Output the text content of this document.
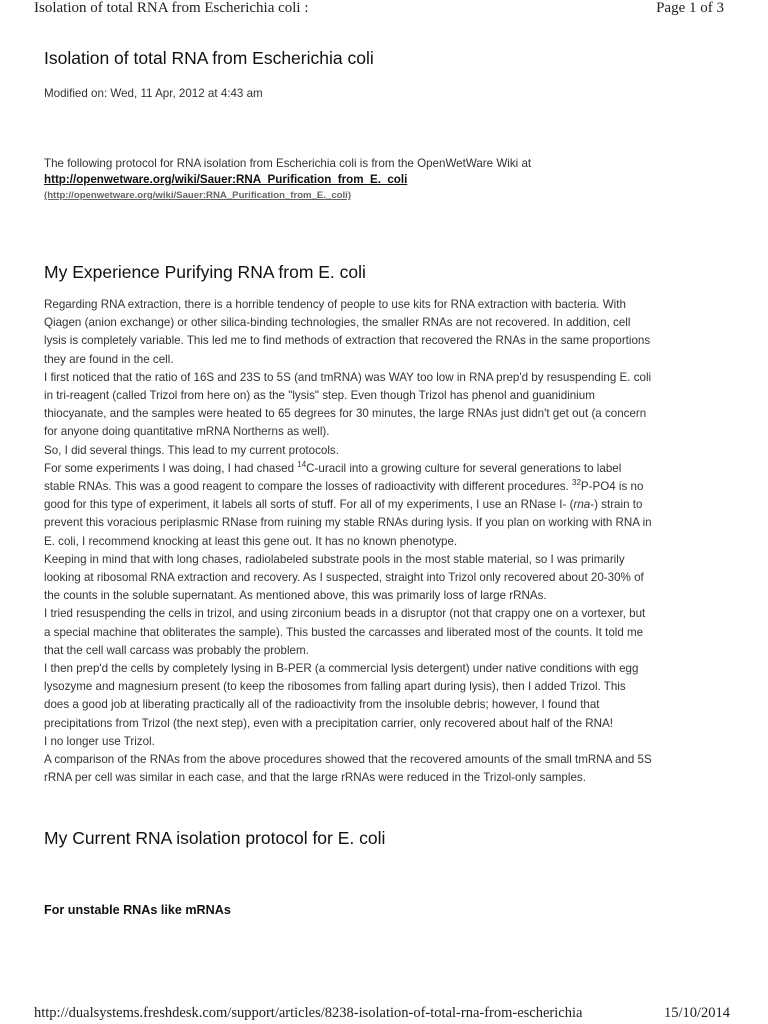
Isolation of total RNA from Escherichia coli :	Page 1 of 3
Isolation of total RNA from Escherichia coli
Modified on: Wed, 11 Apr, 2012 at 4:43 am
The following protocol for RNA isolation from Escherichia coli is from the OpenWetWare Wiki at
http://openwetware.org/wiki/Sauer:RNA_Purification_from_E._coli
(http://openwetware.org/wiki/Sauer:RNA_Purification_from_E._coli)
My Experience Purifying RNA from E. coli

Regarding RNA extraction, there is a horrible tendency of people to use kits for RNA extraction with bacteria. With

Qiagen (anion exchange) or other silica-binding technologies, the smaller RNAs are not recovered. In addition, cell

lysis is completely variable. This led me to find methods of extraction that recovered the RNAs in the same proportions

they are found in the cell.

I first noticed that the ratio of 16S and 23S to 5S (and tmRNA) was WAY too low in RNA prep'd by resuspending E. coli

in tri-reagent (called Trizol from here on) as the "lysis" step. Even though Trizol has phenol and guanidinium

thiocyanate, and the samples were heated to 65 degrees for 30 minutes, the large RNAs just didn't get out (a concern

for anyone doing quantitative mRNA Northerns as well).

So, I did several things. This lead to my current protocols.

For some experiments I was doing, I had chased $^{14}$C-uracil into a growing culture for several generations to label

stable RNAs. This was a good reagent to compare the losses of radioactivity with different procedures. $^{32}$P-PO4 is no

good for this type of experiment, it labels all sorts of stuff. For all of my experiments, I use an RNase I- (rna-) strain to

prevent this voracious periplasmic RNase from ruining my stable RNAs during lysis. If you plan on working with RNA in

E. coli, I recommend knocking at least this gene out. It has no known phenotype.

Keeping in mind that with long chases, radiolabeled substrate pools in the most stable material, so I was primarily

looking at ribosomal RNA extraction and recovery. As I suspected, straight into Trizol only recovered about 20-30% of

the counts in the soluble supernatant. As mentioned above, this was primarily loss of large rRNAs.

I tried resuspending the cells in trizol, and using zirconium beads in a disruptor (not that crappy one on a vortexer, but

a special machine that obliterates the sample). This busted the carcasses and liberated most of the counts. It told me

that the cell wall carcass was probably the problem.

I then prep'd the cells by completely lysing in B-PER (a commercial lysis detergent) under native conditions with egg

lysozyme and magnesium present (to keep the ribosomes from falling apart during lysis), then I added Trizol. This

does a good job at liberating practically all of the radioactivity from the insoluble debris; however, I found that

precipitations from Trizol (the next step), even with a precipitation carrier, only recovered about half of the RNA!

I no longer use Trizol.

A comparison of the RNAs from the above procedures showed that the recovered amounts of the small tmRNA and 5S

rRNA per cell was similar in each case, and that the large rRNAs were reduced in the Trizol-only samples.

My Current RNA isolation protocol for E. coli
For unstable RNAs like mRNAs
http://dualsystems.freshdesk.com/support/articles/8238-isolation-of-total-rna-from-escherichia	15/10/2014
